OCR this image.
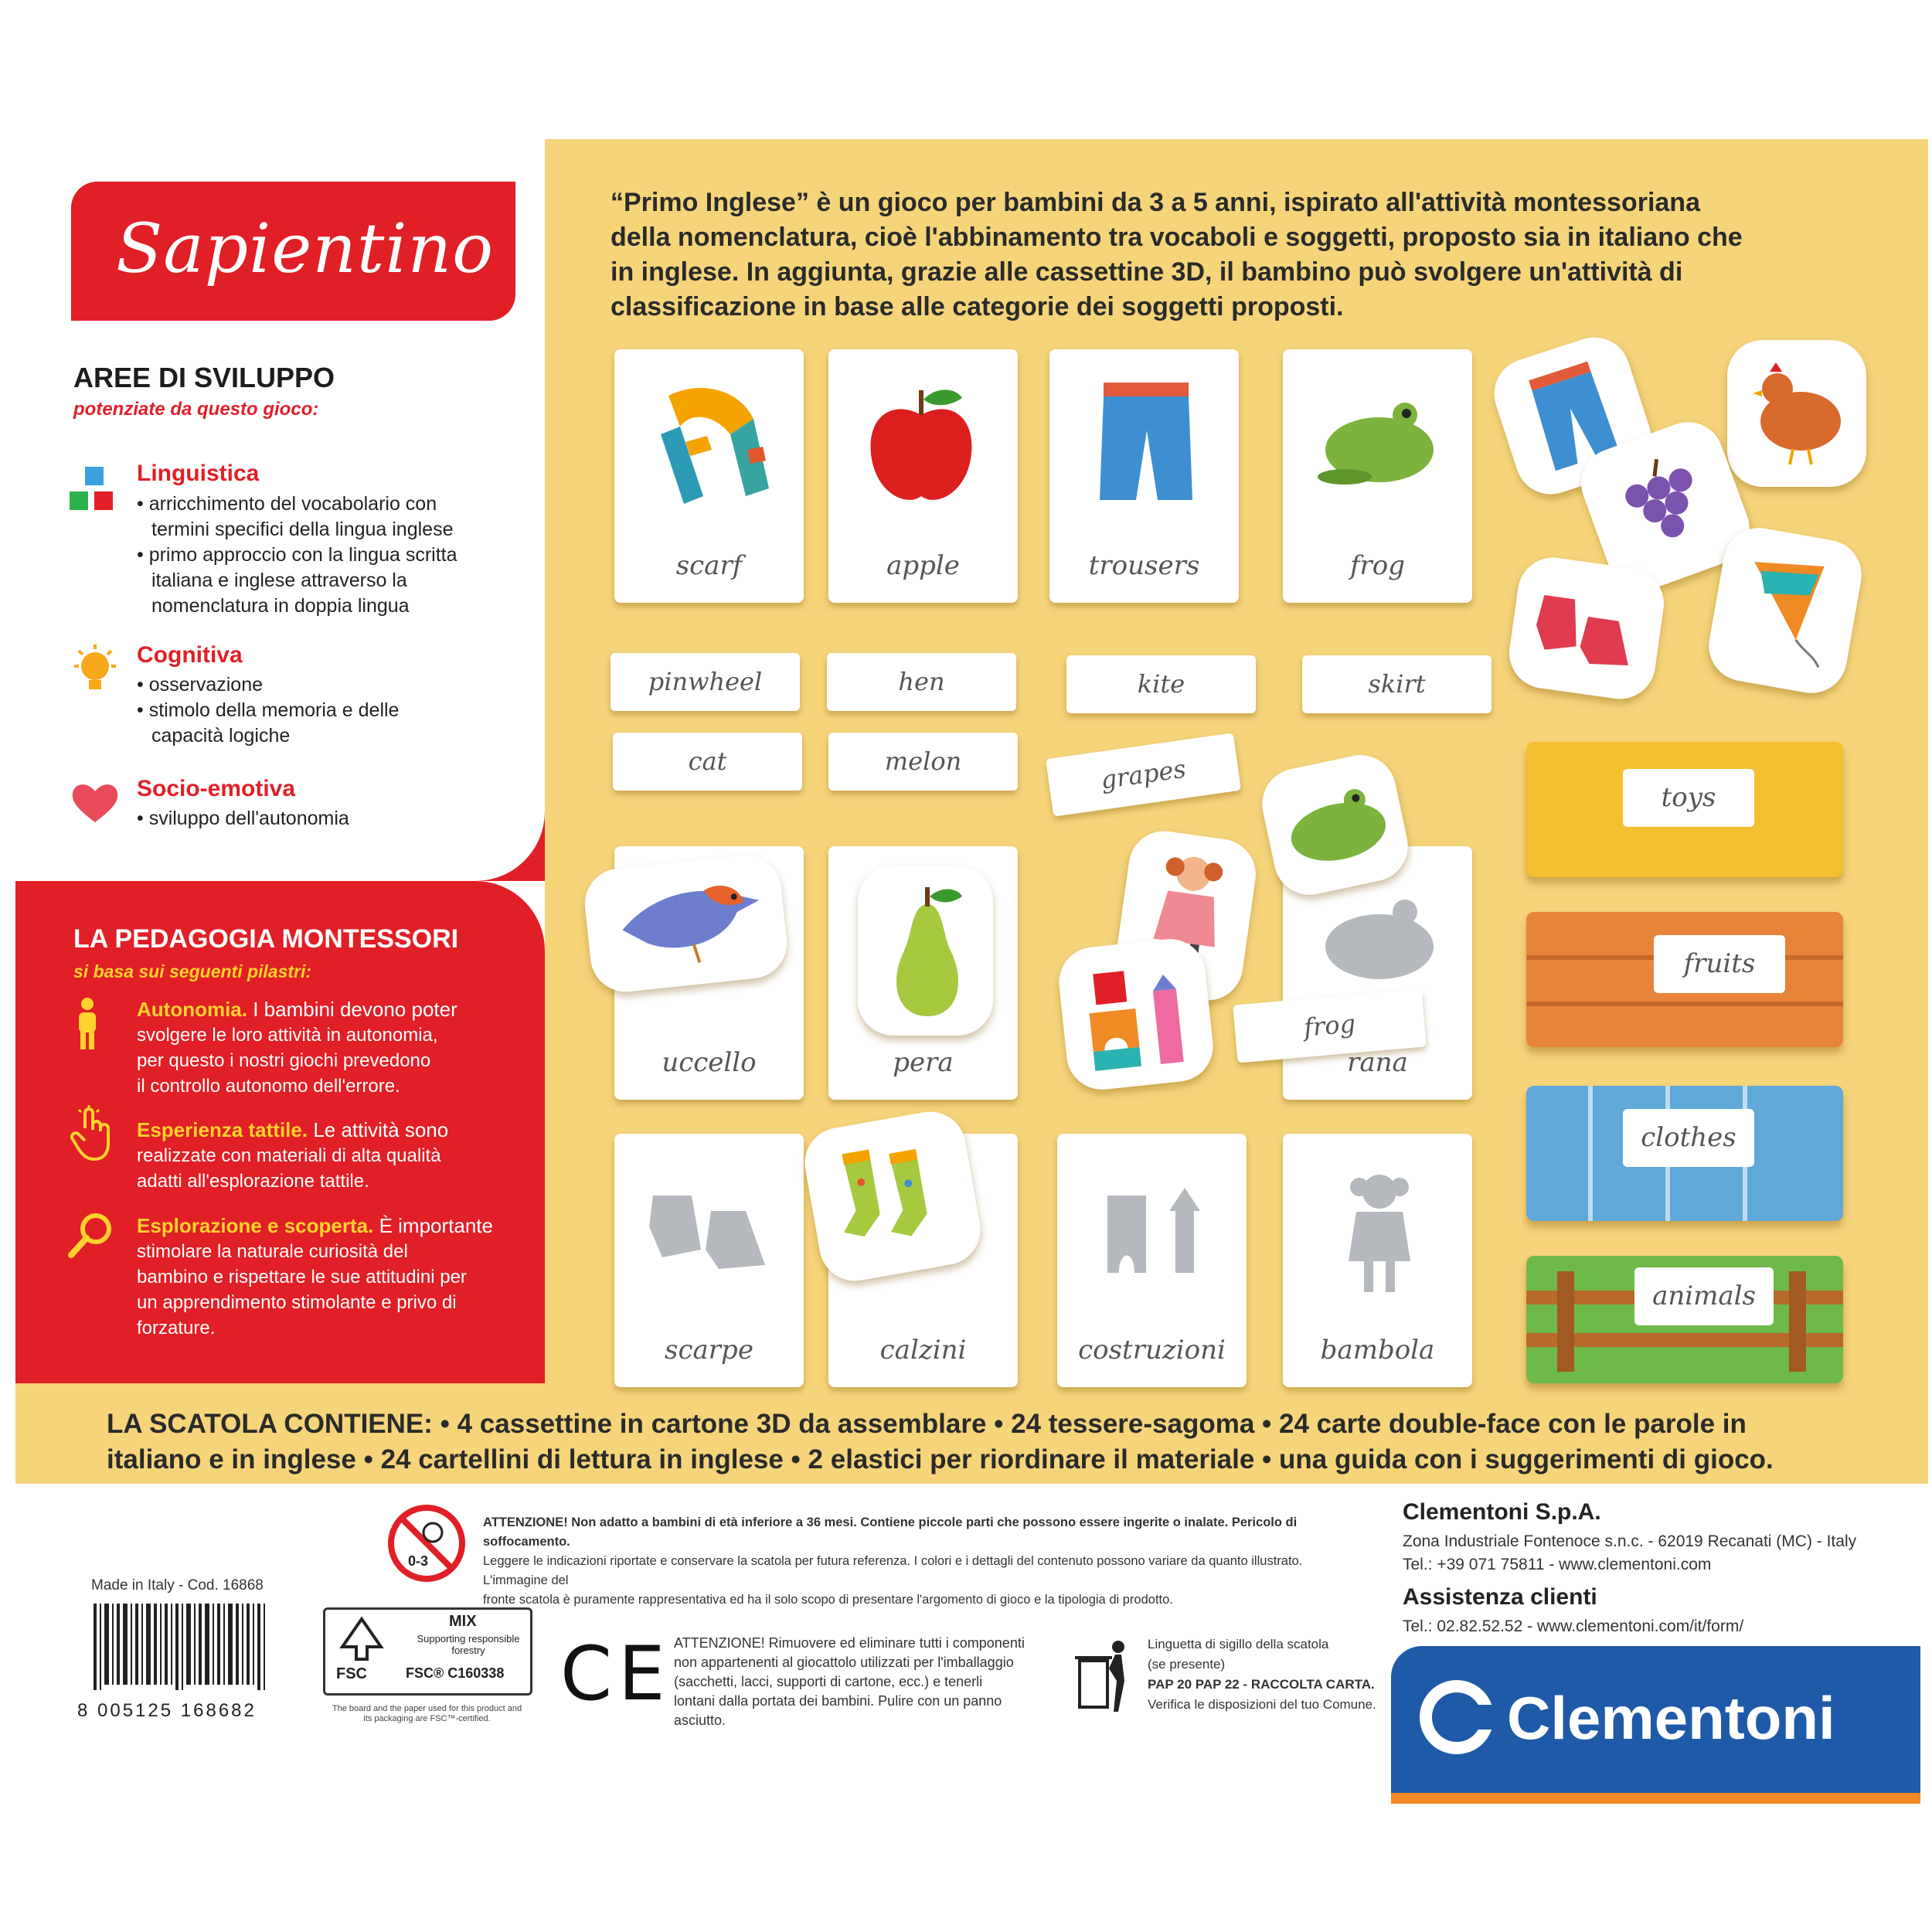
Sapientino
AREE DI SVILUPPO
potenziate da questo gioco:
Linguistica
• arricchimento del vocabolario con
termini specifici della lingua inglese
• primo approccio con la lingua scritta
italiana e inglese attraverso la
nomenclatura in doppia lingua
Cognitiva
• osservazione
• stimolo della memoria e delle
capacità logiche
Socio-emotiva
• sviluppo dell'autonomia
LA PEDAGOGIA MONTESSORI
si basa sui seguenti pilastri:
Autonomia. I bambini devono poter
svolgere le loro attività in autonomia,
per questo i nostri giochi prevedono
il controllo autonomo dell'errore.
Esperienza tattile. Le attività sono
realizzate con materiali di alta qualità
adatti all'esplorazione tattile.
Esplorazione e scoperta. È importante
stimolare la naturale curiosità del
bambino e rispettare le sue attitudini per
un apprendimento stimolante e privo di
forzature.
“Primo Inglese” è un gioco per bambini da 3 a 5 anni, ispirato all'attività montessoriana
della nomenclatura, cioè l'abbinamento tra vocaboli e soggetti, proposto sia in italiano che
in inglese. In aggiunta, grazie alle cassettine 3D, il bambino può svolgere un'attività di
classificazione in base alle categorie dei soggetti proposti.
scarf	apple	trousers	frog
pinwheel	hen	kite	skirt
cat	melon	grapes
uccello	pera	rana
frog
scarpe	calzini	costruzioni	bambola
toys
fruits
clothes
animals
LA SCATOLA CONTIENE: • 4 cassettine in cartone 3D da assemblare • 24 tessere-sagoma • 24 carte double-face con le parole in
italiano e in inglese • 24 cartellini di lettura in inglese • 2 elastici per riordinare il materiale • una guida con i suggerimenti di gioco.
Made in Italy - Cod. 16868
8 005125 168682
0-3
ATTENZIONE! Non adatto a bambini di età inferiore a 36 mesi. Contiene piccole parti che possono essere ingerite o inalate. Pericolo di soffocamento.
Leggere le indicazioni riportate e conservare la scatola per futura referenza. I colori e i dettagli del contenuto possono variare da quanto illustrato. L'immagine del
fronte scatola è puramente rappresentativa ed ha il solo scopo di presentare l'argomento di gioco e la tipologia di prodotto.
FSC
MIX
Supporting responsible forestry
FSC® C160338
The board and the paper used for this product and its packaging are FSC™-certified.
CE ATTENZIONE! Rimuovere ed eliminare tutti i componenti
non appartenenti al giocattolo utilizzati per l'imballaggio
(sacchetti, lacci, supporti di cartone, ecc.) e tenerli
lontani dalla portata dei bambini. Pulire con un panno
asciutto.
Linguetta di sigillo della scatola
(se presente)
PAP 20 PAP 22 - RACCOLTA CARTA.
Verifica le disposizioni del tuo Comune.
Clementoni S.p.A.
Zona Industriale Fontenoce s.n.c. - 62019 Recanati (MC) - Italy
Tel.: +39 071 75811 - www.clementoni.com
Assistenza clienti
Tel.: 02.82.52.52 - www.clementoni.com/it/form/
Clementoni
